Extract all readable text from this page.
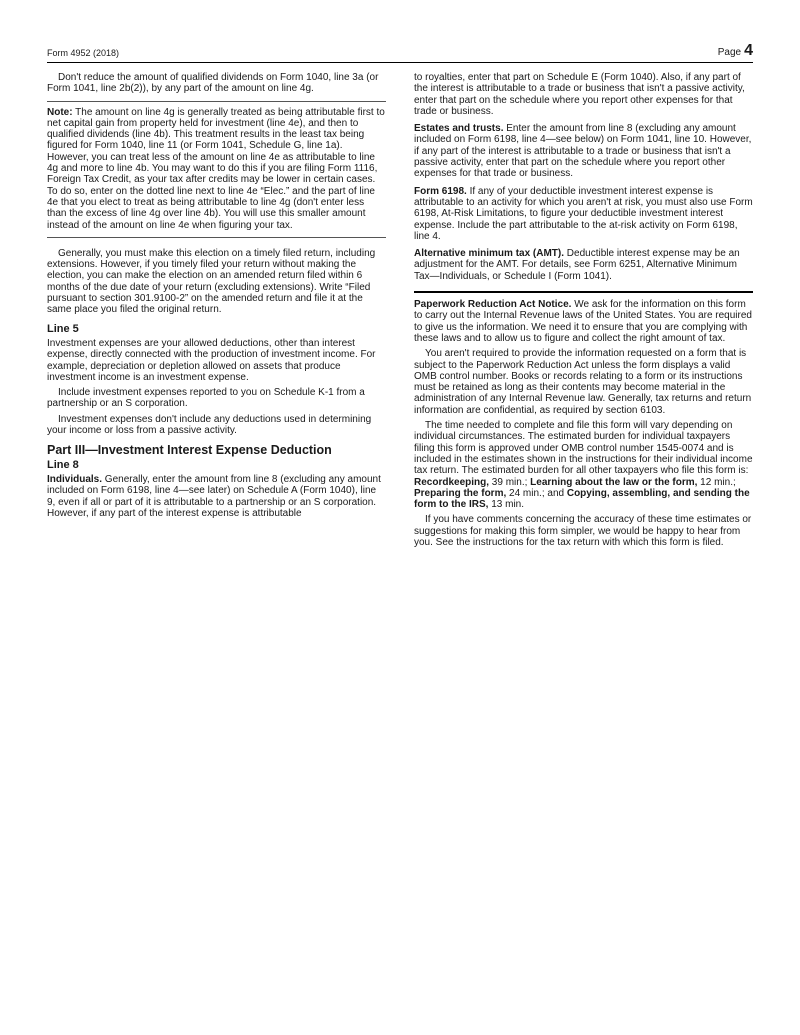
Form 4952 (2018)	Page 4

Don't reduce the amount of qualified dividends on Form 1040, line 3a (or Form 1041, line 2b(2)), by any part of the amount on line 4g.

Note: The amount on line 4g is generally treated as being attributable first to net capital gain from property held for investment (line 4e), and then to qualified dividends (line 4b). This treatment results in the least tax being figured for Form 1040, line 11 (or Form 1041, Schedule G, line 1a). However, you can treat less of the amount on line 4e as attributable to line 4g and more to line 4b. You may want to do this if you are filing Form 1116, Foreign Tax Credit, as your tax after credits may be lower in certain cases. To do so, enter on the dotted line next to line 4e “Elec.” and the part of line 4e that you elect to treat as being attributable to line 4g (don't enter less than the excess of line 4g over line 4b). You will use this smaller amount instead of the amount on line 4e when figuring your tax.

Generally, you must make this election on a timely filed return, including extensions. However, if you timely filed your return without making the election, you can make the election on an amended return filed within 6 months of the due date of your return (excluding extensions). Write “Filed pursuant to section 301.9100-2” on the amended return and file it at the same place you filed the original return.

Line 5

Investment expenses are your allowed deductions, other than interest expense, directly connected with the production of investment income. For example, depreciation or depletion allowed on assets that produce investment income is an investment expense.

Include investment expenses reported to you on Schedule K-1 from a partnership or an S corporation.

Investment expenses don't include any deductions used in determining your income or loss from a passive activity.

Part III—Investment Interest Expense Deduction
Line 8

Individuals. Generally, enter the amount from line 8 (excluding any amount included on Form 6198, line 4—see later) on Schedule A (Form 1040), line 9, even if all or part of it is attributable to a partnership or an S corporation. However, if any part of the interest expense is attributable

to royalties, enter that part on Schedule E (Form 1040). Also, if any part of the interest is attributable to a trade or business that isn't a passive activity, enter that part on the schedule where you report other expenses for that trade or business.

Estates and trusts. Enter the amount from line 8 (excluding any amount included on Form 6198, line 4—see below) on Form 1041, line 10. However, if any part of the interest is attributable to a trade or business that isn't a passive activity, enter that part on the schedule where you report other expenses for that trade or business.

Form 6198. If any of your deductible investment interest expense is attributable to an activity for which you aren't at risk, you must also use Form 6198, At-Risk Limitations, to figure your deductible investment interest expense. Include the part attributable to the at-risk activity on Form 6198, line 4.

Alternative minimum tax (AMT). Deductible interest expense may be an adjustment for the AMT. For details, see Form 6251, Alternative Minimum Tax—Individuals, or Schedule I (Form 1041).

Paperwork Reduction Act Notice. We ask for the information on this form to carry out the Internal Revenue laws of the United States. You are required to give us the information. We need it to ensure that you are complying with these laws and to allow us to figure and collect the right amount of tax.

You aren't required to provide the information requested on a form that is subject to the Paperwork Reduction Act unless the form displays a valid OMB control number. Books or records relating to a form or its instructions must be retained as long as their contents may become material in the administration of any Internal Revenue law. Generally, tax returns and return information are confidential, as required by section 6103.

The time needed to complete and file this form will vary depending on individual circumstances. The estimated burden for individual taxpayers filing this form is approved under OMB control number 1545-0074 and is included in the estimates shown in the instructions for their individual income tax return. The estimated burden for all other taxpayers who file this form is: Recordkeeping, 39 min.; Learning about the law or the form, 12 min.; Preparing the form, 24 min.; and Copying, assembling, and sending the form to the IRS, 13 min.

If you have comments concerning the accuracy of these time estimates or suggestions for making this form simpler, we would be happy to hear from you. See the instructions for the tax return with which this form is filed.
